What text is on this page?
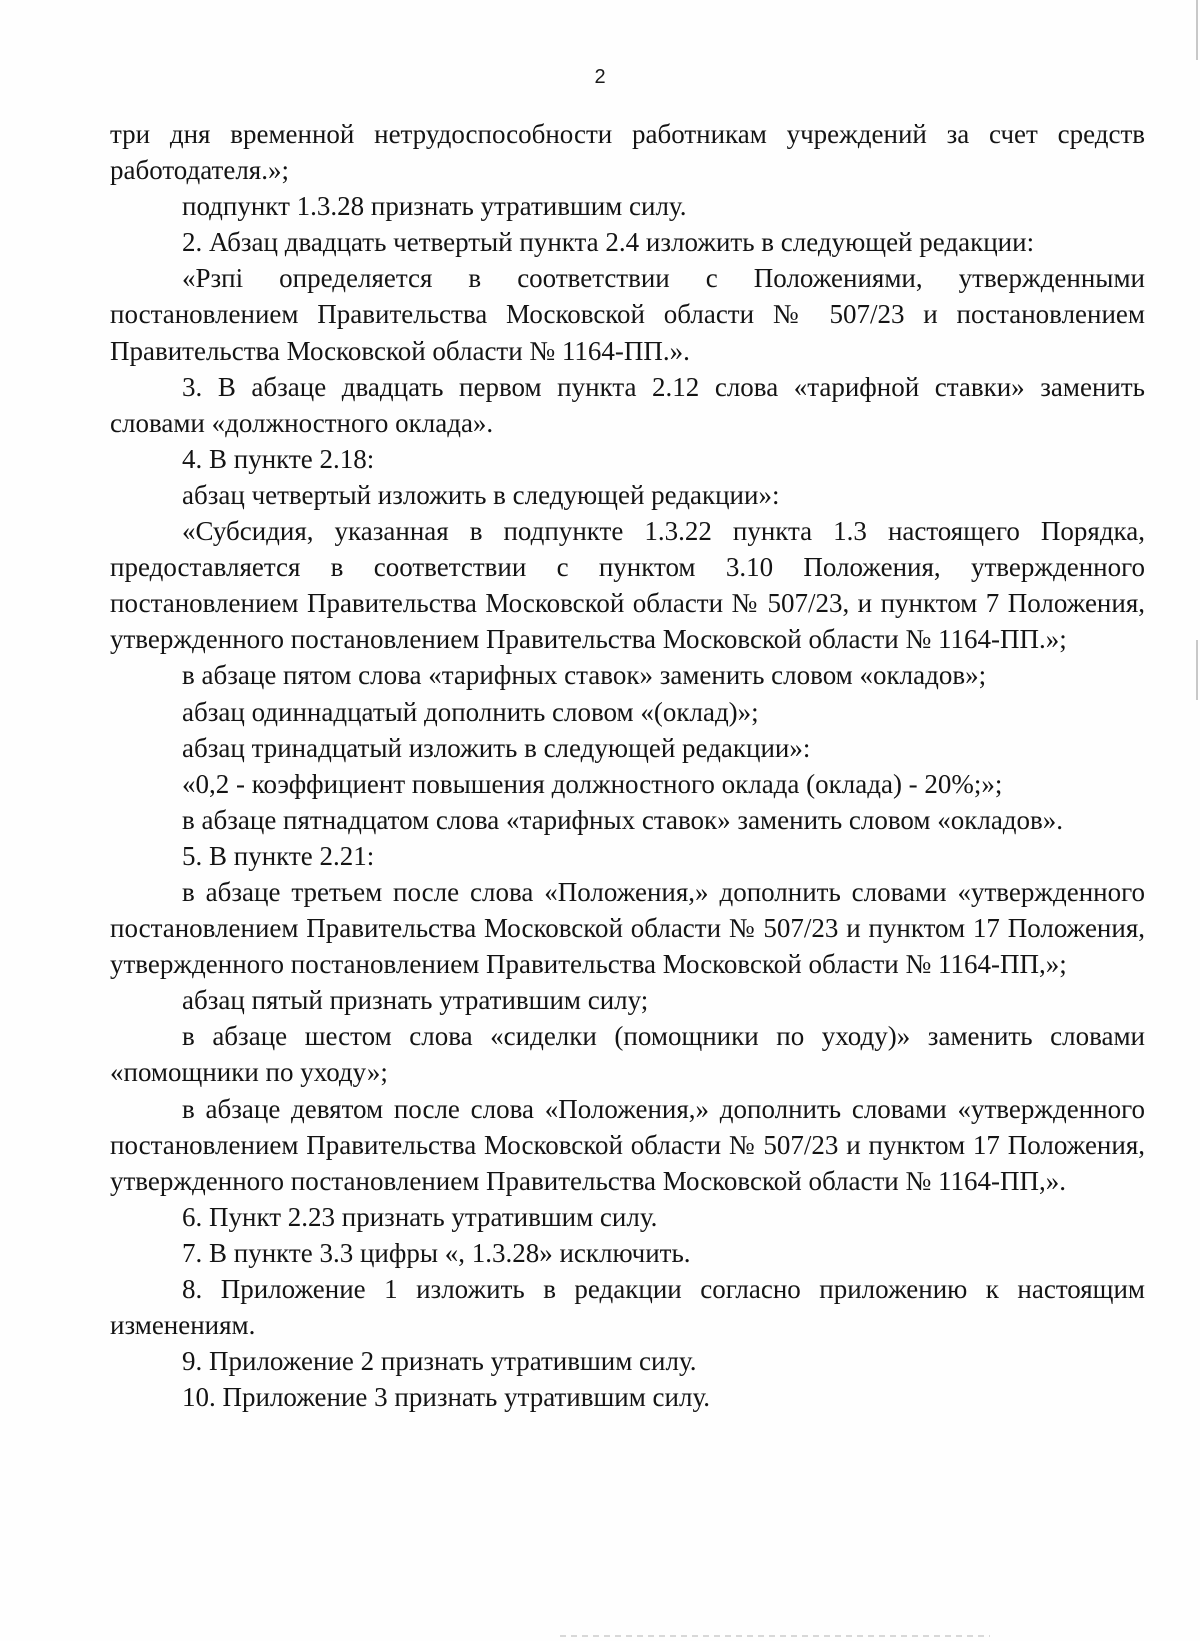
2

три дня временной нетрудоспособности работникам учреждений за счет средств работодателя.»;

подпункт 1.3.28 признать утратившим силу.

2. Абзац двадцать четвертый пункта 2.4 изложить в следующей редакции:

«Рзпi определяется в соответствии с Положениями, утвержденными постановлением Правительства Московской области № 507/23 и постановлением Правительства Московской области № 1164-ПП.».

3. В абзаце двадцать первом пункта 2.12 слова «тарифной ставки» заменить словами «должностного оклада».

4. В пункте 2.18:

абзац четвертый изложить в следующей редакции»:

«Субсидия, указанная в подпункте 1.3.22 пункта 1.3 настоящего Порядка, предоставляется в соответствии с пунктом 3.10 Положения, утвержденного постановлением Правительства Московской области № 507/23, и пунктом 7 Положения, утвержденного постановлением Правительства Московской области № 1164-ПП.»;

в абзаце пятом слова «тарифных ставок» заменить словом «окладов»;

абзац одиннадцатый дополнить словом «(оклад)»;

абзац тринадцатый изложить в следующей редакции»:

«0,2 - коэффициент повышения должностного оклада (оклада) - 20%;»;

в абзаце пятнадцатом слова «тарифных ставок» заменить словом «окладов».

5. В пункте 2.21:

в абзаце третьем после слова «Положения,» дополнить словами «утвержденного постановлением Правительства Московской области № 507/23 и пунктом 17 Положения, утвержденного постановлением Правительства Московской области № 1164-ПП,»;

абзац пятый признать утратившим силу;

в абзаце шестом слова «сиделки (помощники по уходу)» заменить словами «помощники по уходу»;

в абзаце девятом после слова «Положения,» дополнить словами «утвержденного постановлением Правительства Московской области № 507/23 и пунктом 17 Положения, утвержденного постановлением Правительства Московской области № 1164-ПП,».

6. Пункт 2.23 признать утратившим силу.

7. В пункте 3.3 цифры «, 1.3.28» исключить.

8. Приложение 1 изложить в редакции согласно приложению к настоящим изменениям.

9. Приложение 2 признать утратившим силу.

10. Приложение 3 признать утратившим силу.
